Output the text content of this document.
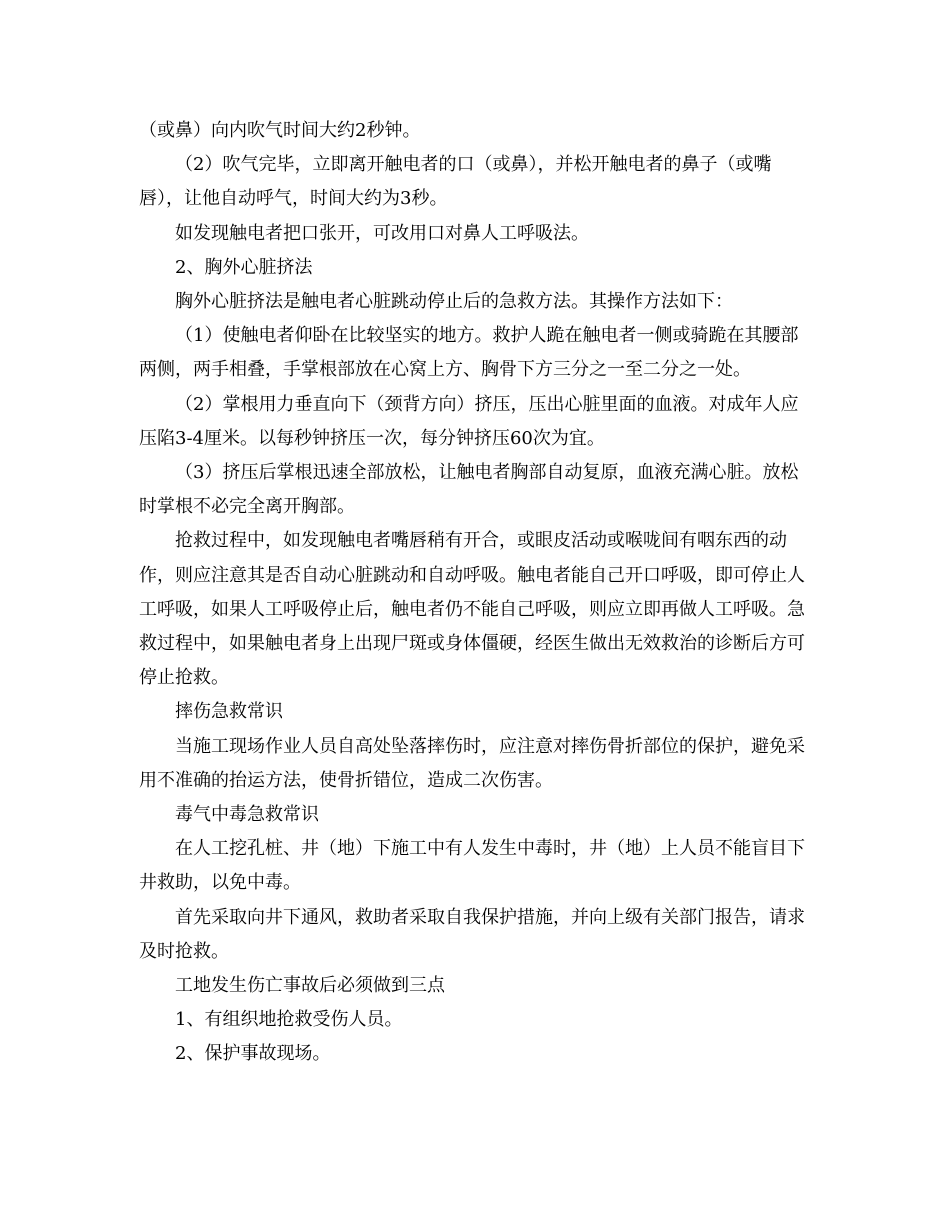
（或鼻）向内吹气时间大约2秒钟。

（2）吹气完毕，立即离开触电者的口（或鼻），并松开触电者的鼻子（或嘴唇），让他自动呼气，时间大约为3秒。

如发现触电者把口张开，可改用口对鼻人工呼吸法。

2、胸外心脏挤法

胸外心脏挤法是触电者心脏跳动停止后的急救方法。其操作方法如下：

（1）使触电者仰卧在比较坚实的地方。救护人跪在触电者一侧或骑跪在其腰部两侧，两手相叠，手掌根部放在心窝上方、胸骨下方三分之一至二分之一处。

（2）掌根用力垂直向下（颈背方向）挤压，压出心脏里面的血液。对成年人应压陷3-4厘米。以每秒钟挤压一次，每分钟挤压60次为宜。

（3）挤压后掌根迅速全部放松，让触电者胸部自动复原，血液充满心脏。放松时掌根不必完全离开胸部。

抢救过程中，如发现触电者嘴唇稍有开合，或眼皮活动或喉咙间有咽东西的动作，则应注意其是否自动心脏跳动和自动呼吸。触电者能自己开口呼吸，即可停止人工呼吸，如果人工呼吸停止后，触电者仍不能自己呼吸，则应立即再做人工呼吸。急救过程中，如果触电者身上出现尸斑或身体僵硬，经医生做出无效救治的诊断后方可停止抢救。

摔伤急救常识

当施工现场作业人员自高处坠落摔伤时，应注意对摔伤骨折部位的保护，避免采用不准确的抬运方法，使骨折错位，造成二次伤害。

毒气中毒急救常识

在人工挖孔桩、井（地）下施工中有人发生中毒时，井（地）上人员不能盲目下井救助，以免中毒。

首先采取向井下通风，救助者采取自我保护措施，并向上级有关部门报告，请求及时抢救。

工地发生伤亡事故后必须做到三点

1、有组织地抢救受伤人员。

2、保护事故现场。
